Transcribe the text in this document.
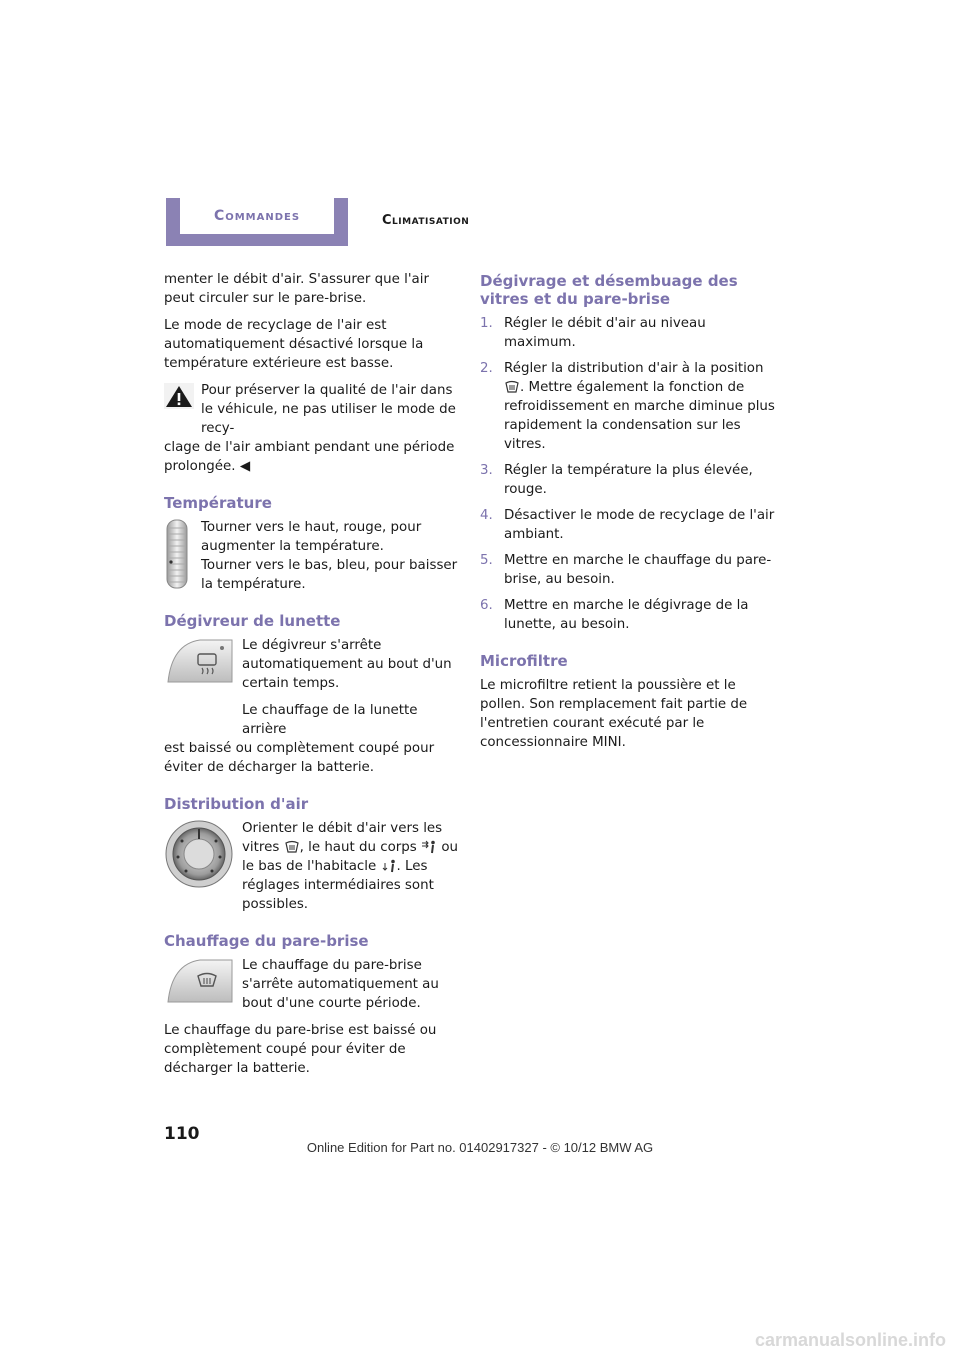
Commandes	Climatisation

menter le débit d'air. S'assurer que l'air peut circuler sur le pare-brise.

Le mode de recyclage de l'air est automatiquement désactivé lorsque la température extérieure est basse.

Pour préserver la qualité de l'air dans le véhicule, ne pas utiliser le mode de recy-

clage de l'air ambiant pendant une période prolongée. ◀

Température

Tourner vers le haut, rouge, pour augmenter la température.

Tourner vers le bas, bleu, pour baisser la température.

Dégivreur de lunette

Le dégivreur s'arrête automatiquement au bout d'un certain temps.

Le chauffage de la lunette arrière

est baissé ou complètement coupé pour éviter de décharger la batterie.

Distribution d'air

Orienter le débit d'air vers les vitres , le haut du corps  ou le bas de l'habitacle . Les réglages intermédiaires sont possibles.

Chauffage du pare-brise

Le chauffage du pare-brise s'arrête automatiquement au bout d'une courte période.

Le chauffage du pare-brise est baissé ou complètement coupé pour éviter de décharger la batterie.

Dégivrage et désembuage des vitres et du pare-brise
1. Régler le débit d'air au niveau maximum.
2. Régler la distribution d'air à la position . Mettre également la fonction de refroidissement en marche diminue plus rapidement la condensation sur les vitres.
3. Régler la température la plus élevée, rouge.
4. Désactiver le mode de recyclage de l'air ambiant.
5. Mettre en marche le chauffage du pare-brise, au besoin.
6. Mettre en marche le dégivrage de la lunette, au besoin.
Microfiltre

Le microfiltre retient la poussière et le pollen. Son remplacement fait partie de l'entretien courant exécuté par le concessionnaire MINI.

110
Online Edition for Part no. 01402917327 - © 10/12 BMW AG
carmanualsonline.info
